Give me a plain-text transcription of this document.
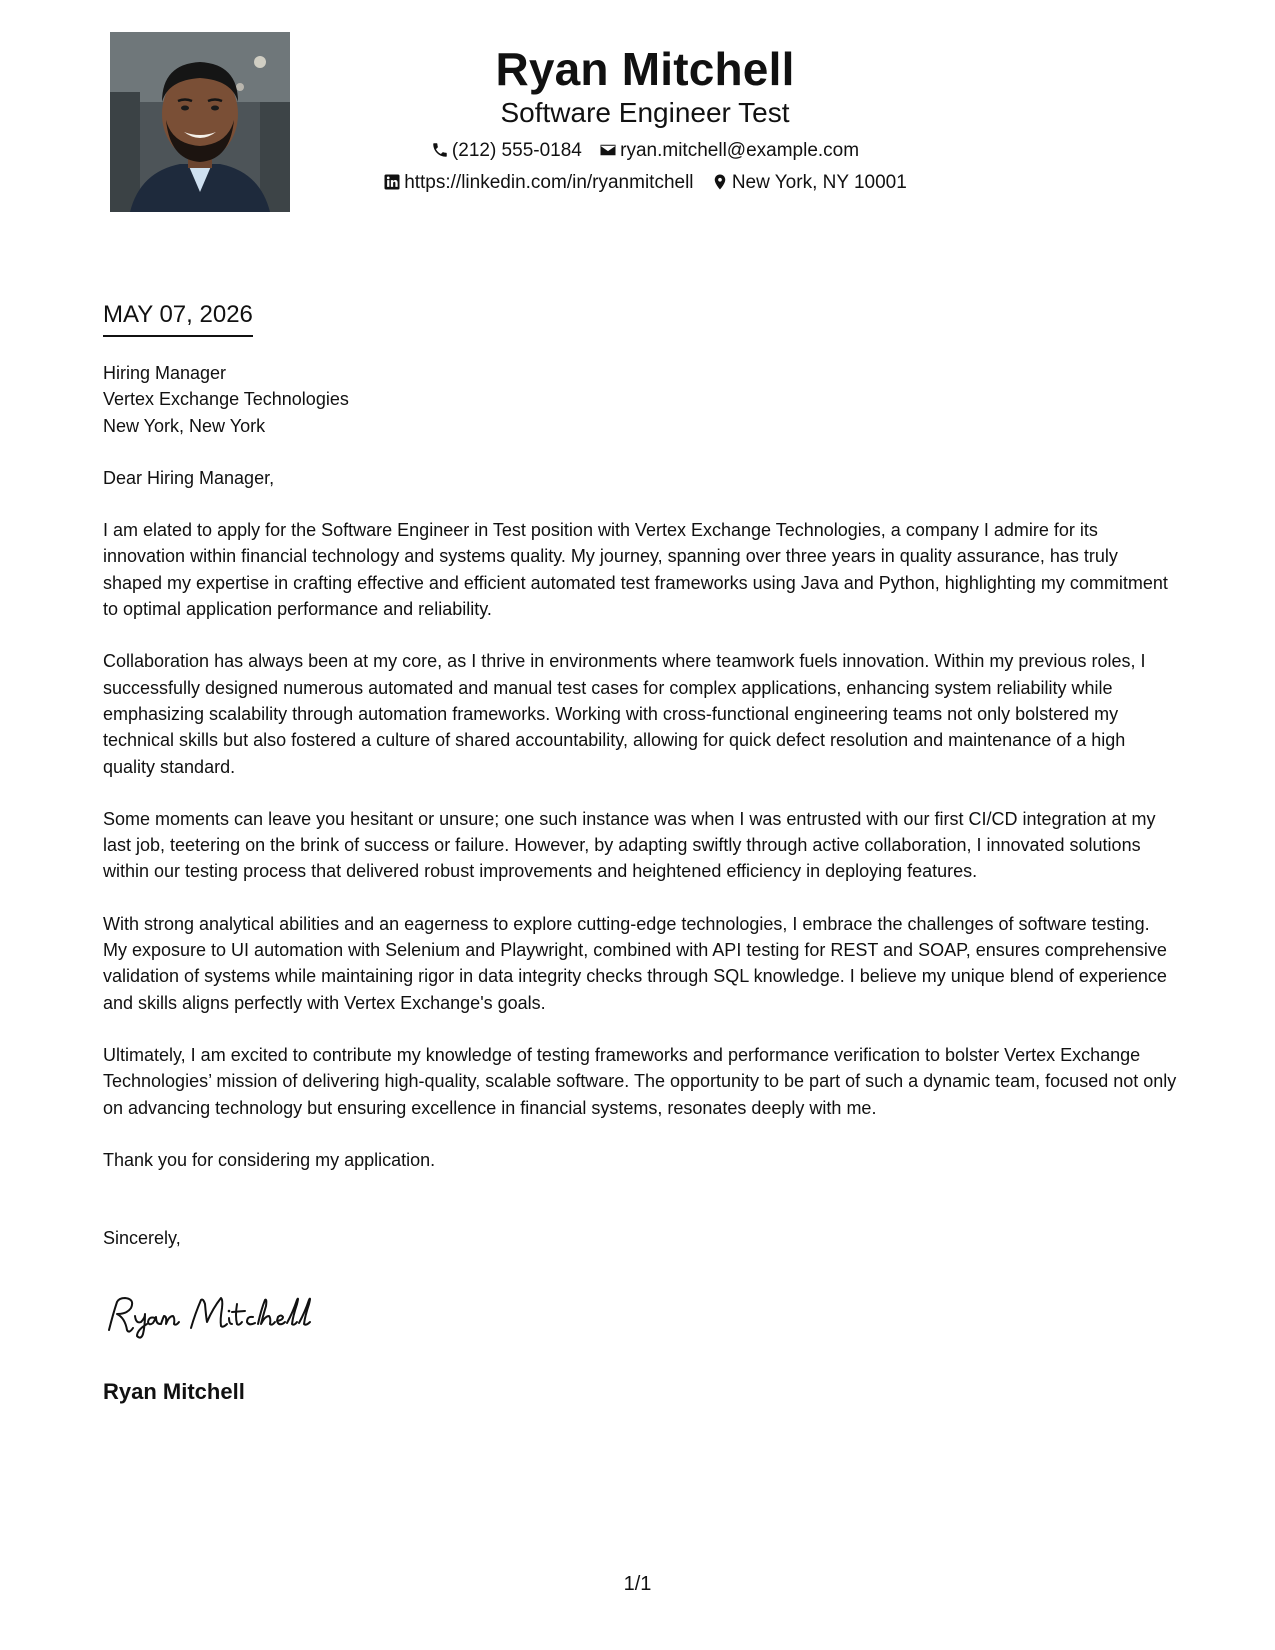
Ryan Mitchell
Software Engineer Test
(212) 555-0184 ryan.mitchell@example.com
https://linkedin.com/in/ryanmitchell New York, NY 10001
MAY 07, 2026
Hiring Manager
Vertex Exchange Technologies
New York, New York

Dear Hiring Manager,

I am elated to apply for the Software Engineer in Test position with Vertex Exchange Technologies, a company I admire for its innovation within financial technology and systems quality. My journey, spanning over three years in quality assurance, has truly shaped my expertise in crafting effective and efficient automated test frameworks using Java and Python, highlighting my commitment to optimal application performance and reliability.

Collaboration has always been at my core, as I thrive in environments where teamwork fuels innovation. Within my previous roles, I successfully designed numerous automated and manual test cases for complex applications, enhancing system reliability while emphasizing scalability through automation frameworks. Working with cross-functional engineering teams not only bolstered my technical skills but also fostered a culture of shared accountability, allowing for quick defect resolution and maintenance of a high quality standard.

Some moments can leave you hesitant or unsure; one such instance was when I was entrusted with our first CI/CD integration at my last job, teetering on the brink of success or failure. However, by adapting swiftly through active collaboration, I innovated solutions within our testing process that delivered robust improvements and heightened efficiency in deploying features.

With strong analytical abilities and an eagerness to explore cutting-edge technologies, I embrace the challenges of software testing. My exposure to UI automation with Selenium and Playwright, combined with API testing for REST and SOAP, ensures comprehensive validation of systems while maintaining rigor in data integrity checks through SQL knowledge. I believe my unique blend of experience and skills aligns perfectly with Vertex Exchange's goals.

Ultimately, I am excited to contribute my knowledge of testing frameworks and performance verification to bolster Vertex Exchange Technologies’ mission of delivering high-quality, scalable software. The opportunity to be part of such a dynamic team, focused not only on advancing technology but ensuring excellence in financial systems, resonates deeply with me.

Thank you for considering my application.

Sincerely,

Ryan Mitchell
1/1
